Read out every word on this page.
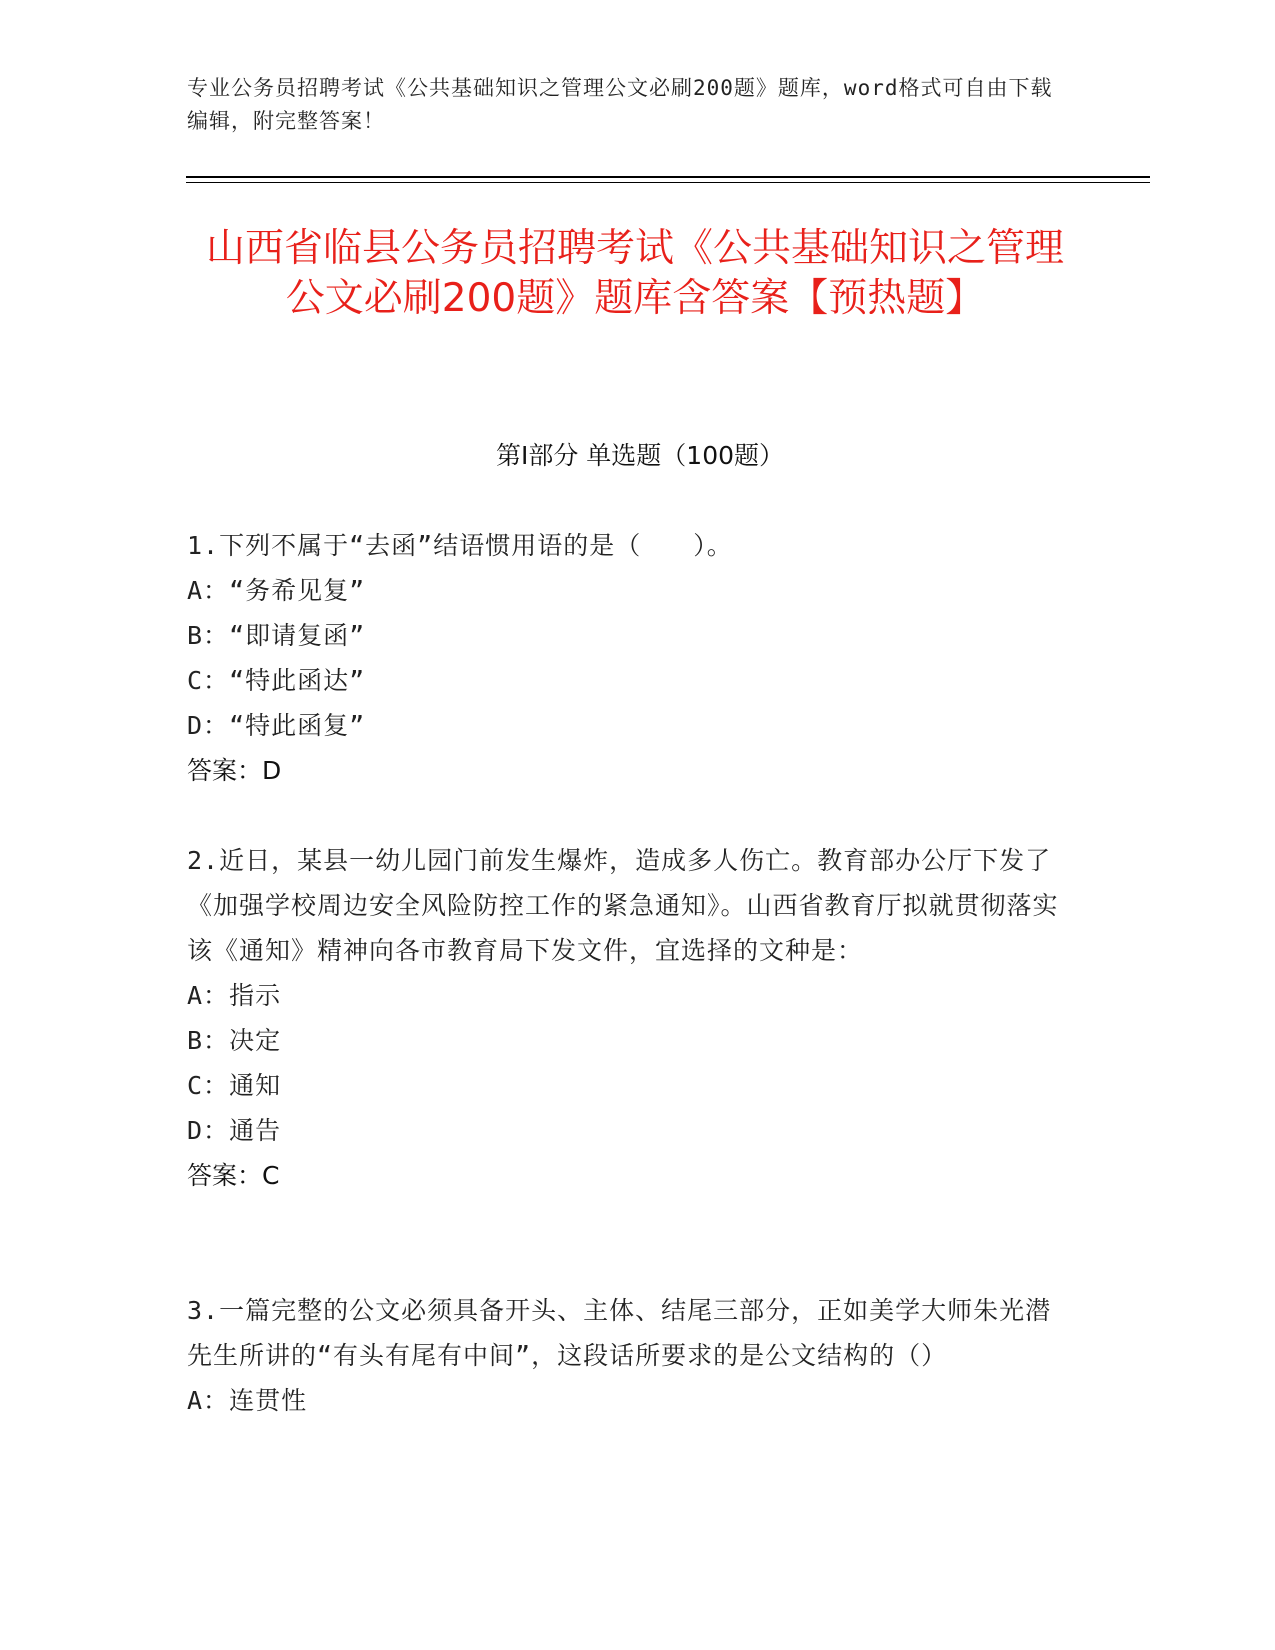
专业公务员招聘考试《公共基础知识之管理公文必刷200题》题库，word格式可自由下载编辑，附完整答案！
山西省临县公务员招聘考试《公共基础知识之管理公文必刷200题》题库含答案【预热题】
第I部分 单选题（100题）

1.下列不属于“去函”结语惯用语的是（　　）。

A：“务希见复”

B：“即请复函”

C：“特此函达”

D：“特此函复”

答案：D

2.近日，某县一幼儿园门前发生爆炸，造成多人伤亡。教育部办公厅下发了《加强学校周边安全风险防控工作的紧急通知》。山西省教育厅拟就贯彻落实该《通知》精神向各市教育局下发文件，宜选择的文种是：

A：指示

B：决定

C：通知

D：通告

答案：C

3.一篇完整的公文必须具备开头、主体、结尾三部分，正如美学大师朱光潜先生所讲的“有头有尾有中间”，这段话所要求的是公文结构的（）

A：连贯性
